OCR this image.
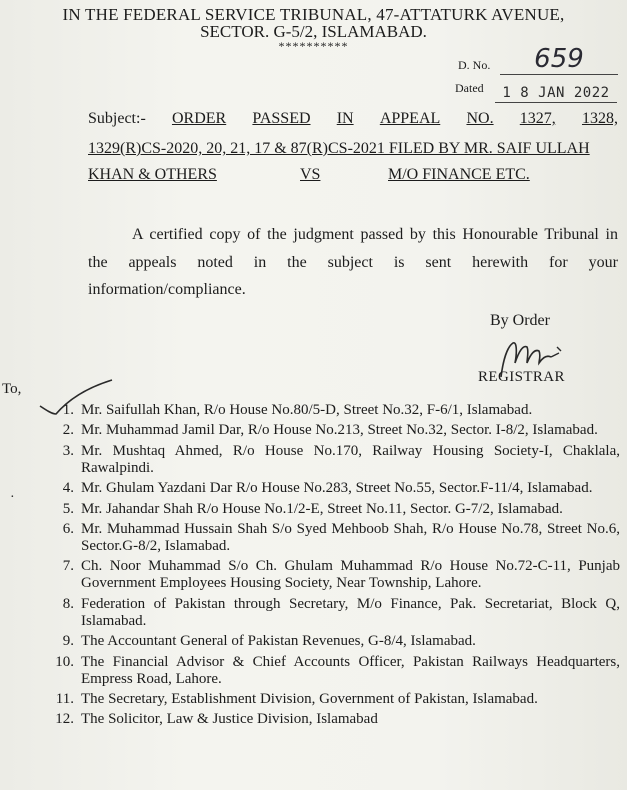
IN THE FEDERAL SERVICE TRIBUNAL, 47-ATTATURK AVENUE,
SECTOR. G-5/2, ISLAMABAD.
**********
D. No.	659
Dated	1 8 JAN 2022
Subject:- ORDER PASSED IN APPEAL NO. 1327, 1328,
1329(R)CS-2020, 20, 21, 17 & 87(R)CS-2021 FILED BY MR. SAIF ULLAH
KHAN & OTHERS	VS	M/O FINANCE ETC.
A certified copy of the judgment passed by this Honourable Tribunal in
the appeals noted in the subject is sent herewith for your
information/compliance.
By Order
REGISTRAR
To,
·
1. Mr. Saifullah Khan, R/o House No.80/5-D, Street No.32, F-6/1, Islamabad.
2. Mr. Muhammad Jamil Dar, R/o House No.213, Street No.32, Sector. I-8/2, Islamabad.
3. Mr. Mushtaq Ahmed, R/o House No.170, Railway Housing Society-I, Chaklala, Rawalpindi.
4. Mr. Ghulam Yazdani Dar R/o House No.283, Street No.55, Sector.F-11/4, Islamabad.
5. Mr. Jahandar Shah R/o House No.1/2-E, Street No.11, Sector. G-7/2, Islamabad.
6. Mr. Muhammad Hussain Shah S/o Syed Mehboob Shah, R/o House No.78, Street No.6, Sector.G-8/2, Islamabad.
7. Ch. Noor Muhammad S/o Ch. Ghulam Muhammad R/o House No.72-C-11, Punjab Government Employees Housing Society, Near Township, Lahore.
8. Federation of Pakistan through Secretary, M/o Finance, Pak. Secretariat, Block Q, Islamabad.
9. The Accountant General of Pakistan Revenues, G-8/4, Islamabad.
10. The Financial Advisor & Chief Accounts Officer, Pakistan Railways Headquarters, Empress Road, Lahore.
11. The Secretary, Establishment Division, Government of Pakistan, Islamabad.
12. The Solicitor, Law & Justice Division, Islamabad
